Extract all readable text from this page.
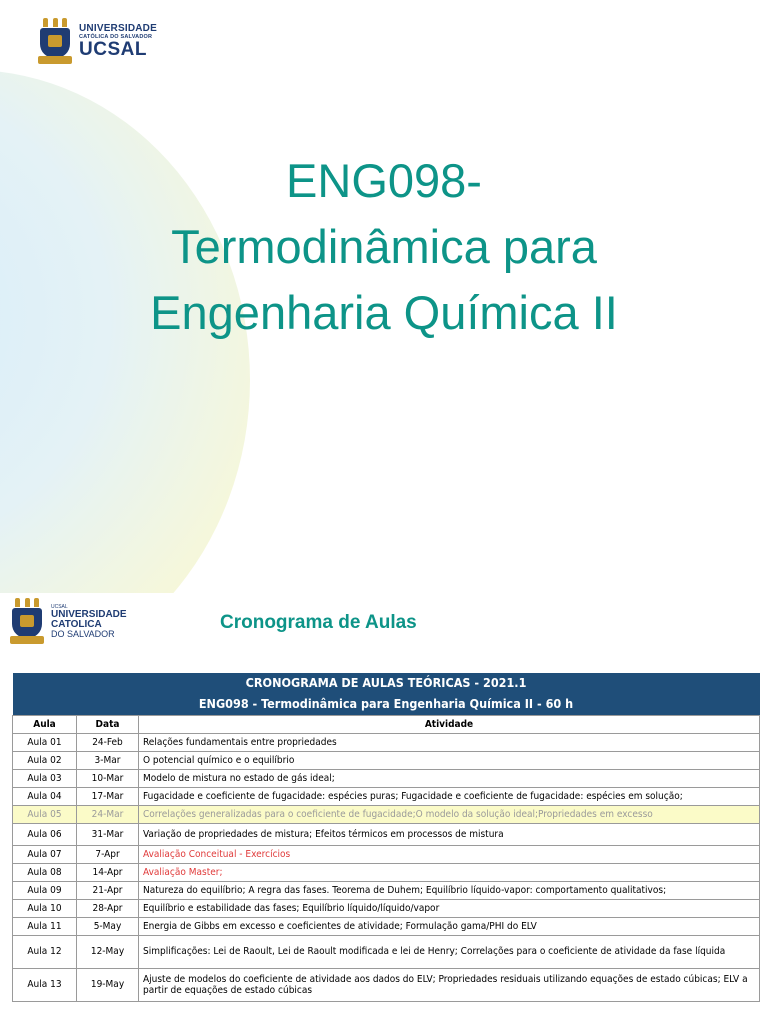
UNIVERSIDADE
CATÓLICA DO SALVADOR
UCSAL
ENG098-
Termodinâmica para
Engenharia Química II
UCSAL
UNIVERSIDADE
CATOLICA
DO SALVADOR
Cronograma de Aulas
CRONOGRAMA DE AULAS TEÓRICAS - 2021.1		
ENG098 - Termodinâmica para Engenharia Química II - 60 h		
Aula	Data	Atividade
Aula 01	24-Feb	Relações fundamentais entre propriedades
Aula 02	3-Mar	O potencial químico e o equilíbrio
Aula 03	10-Mar	Modelo de mistura no estado de gás ideal;
Aula 04	17-Mar	Fugacidade e coeficiente de fugacidade: espécies puras; Fugacidade e coeficiente de fugacidade: espécies em solução;
Aula 05	24-Mar	Correlações generalizadas para o coeficiente de fugacidade;O modelo da solução ideal;Propriedades em excesso
Aula 06	31-Mar	Variação de propriedades de mistura; Efeitos térmicos em processos de mistura
Aula 07	7-Apr	Avaliação Conceitual - Exercícios
Aula 08	14-Apr	Avaliação Master;
Aula 09	21-Apr	Natureza do equilíbrio; A regra das fases. Teorema de Duhem; Equilíbrio líquido-vapor: comportamento qualitativos;
Aula 10	28-Apr	Equilíbrio e estabilidade das fases; Equilíbrio líquido/líquido/vapor
Aula 11	5-May	Energia de Gibbs em excesso e coeficientes de atividade; Formulação gama/PHI do ELV
Aula 12	12-May	Simplificações: Lei de Raoult, Lei de Raoult modificada e lei de Henry; Correlações para o coeficiente de atividade da fase líquida
Aula 13	19-May	Ajuste de modelos do coeficiente de atividade aos dados do ELV; Propriedades residuais utilizando equações de estado cúbicas; ELV a partir de equações de estado cúbicas
